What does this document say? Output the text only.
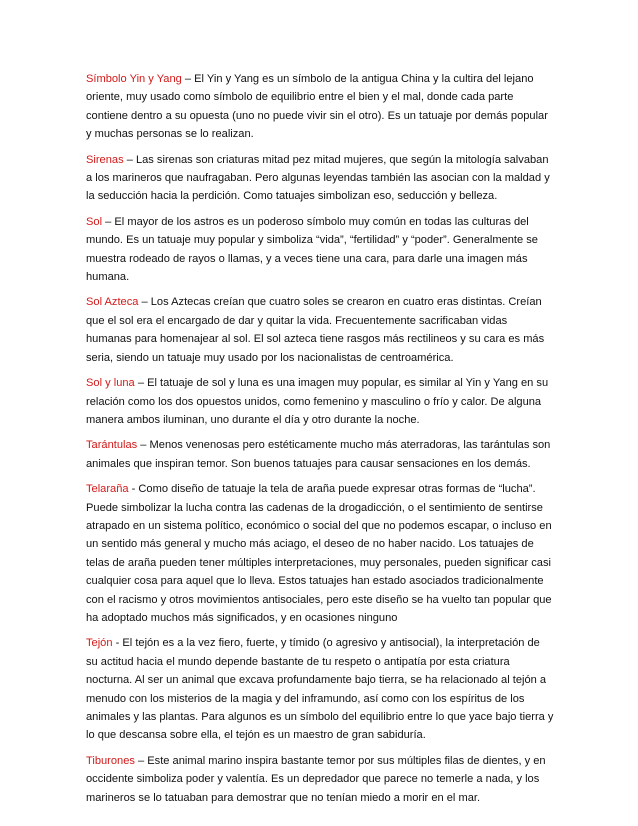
Símbolo Yin y Yang – El Yin y Yang es un símbolo de la antigua China y la cultira del lejano oriente, muy usado como símbolo de equilibrio entre el bien y el mal, donde cada parte contiene dentro a su opuesta (uno no puede vivir sin el otro). Es un tatuaje por demás popular y muchas personas se lo realizan.

Sirenas – Las sirenas son criaturas mitad pez mitad mujeres, que según la mitología salvaban a los marineros que naufragaban. Pero algunas leyendas también las asocian con la maldad y la seducción hacia la perdición. Como tatuajes simbolizan eso, seducción y belleza.

Sol – El mayor de los astros es un poderoso símbolo muy común en todas las culturas del mundo. Es un tatuaje muy popular y simboliza “vida”, “fertilidad” y “poder”. Generalmente se muestra rodeado de rayos o llamas, y a veces tiene una cara, para darle una imagen más humana.

Sol Azteca – Los Aztecas creían que cuatro soles se crearon en cuatro eras distintas. Creían que el sol era el encargado de dar y quitar la vida. Frecuentemente sacrificaban vidas humanas para homenajear al sol. El sol azteca tiene rasgos más rectilineos y su cara es más seria, siendo un tatuaje muy usado por los nacionalistas de centroamérica.

Sol y luna – El tatuaje de sol y luna es una imagen muy popular, es similar al Yin y Yang en su relación como los dos opuestos unidos, como femenino y masculino o frío y calor. De alguna manera ambos iluminan, uno durante el día y otro durante la noche.

Tarántulas – Menos venenosas pero estéticamente mucho más aterradoras, las tarántulas son animales que inspiran temor. Son buenos tatuajes para causar sensaciones en los demás.

Telaraña - Como diseño de tatuaje la tela de araña puede expresar otras formas de “lucha”. Puede simbolizar la lucha contra las cadenas de la drogadicción, o el sentimiento de sentirse atrapado en un sistema político, económico o social del que no podemos escapar, o incluso en un sentido más general y mucho más aciago, el deseo de no haber nacido. Los tatuajes de telas de araña pueden tener múltiples interpretaciones, muy personales, pueden significar casi cualquier cosa para aquel que lo lleva. Estos tatuajes han estado asociados tradicionalmente con el racismo y otros movimientos antisociales, pero este diseño se ha vuelto tan popular que ha adoptado muchos más significados, y en ocasiones ninguno

Tejón - El tejón es a la vez fiero, fuerte, y tímido (o agresivo y antisocial), la interpretación de su actitud hacia el mundo depende bastante de tu respeto o antipatía por esta criatura nocturna. Al ser un animal que excava profundamente bajo tierra, se ha relacionado al tejón a menudo con los misterios de la magia y del inframundo, así como con los espíritus de los animales y las plantas. Para algunos es un símbolo del equilibrio entre lo que yace bajo tierra y lo que descansa sobre ella, el tejón es un maestro de gran sabiduría.

Tiburones – Este animal marino inspira bastante temor por sus múltiples filas de dientes, y en occidente simboliza poder y valentía. Es un depredador que parece no temerle a nada, y los marineros se lo tatuaban para demostrar que no tenían miedo a morir en el mar.
